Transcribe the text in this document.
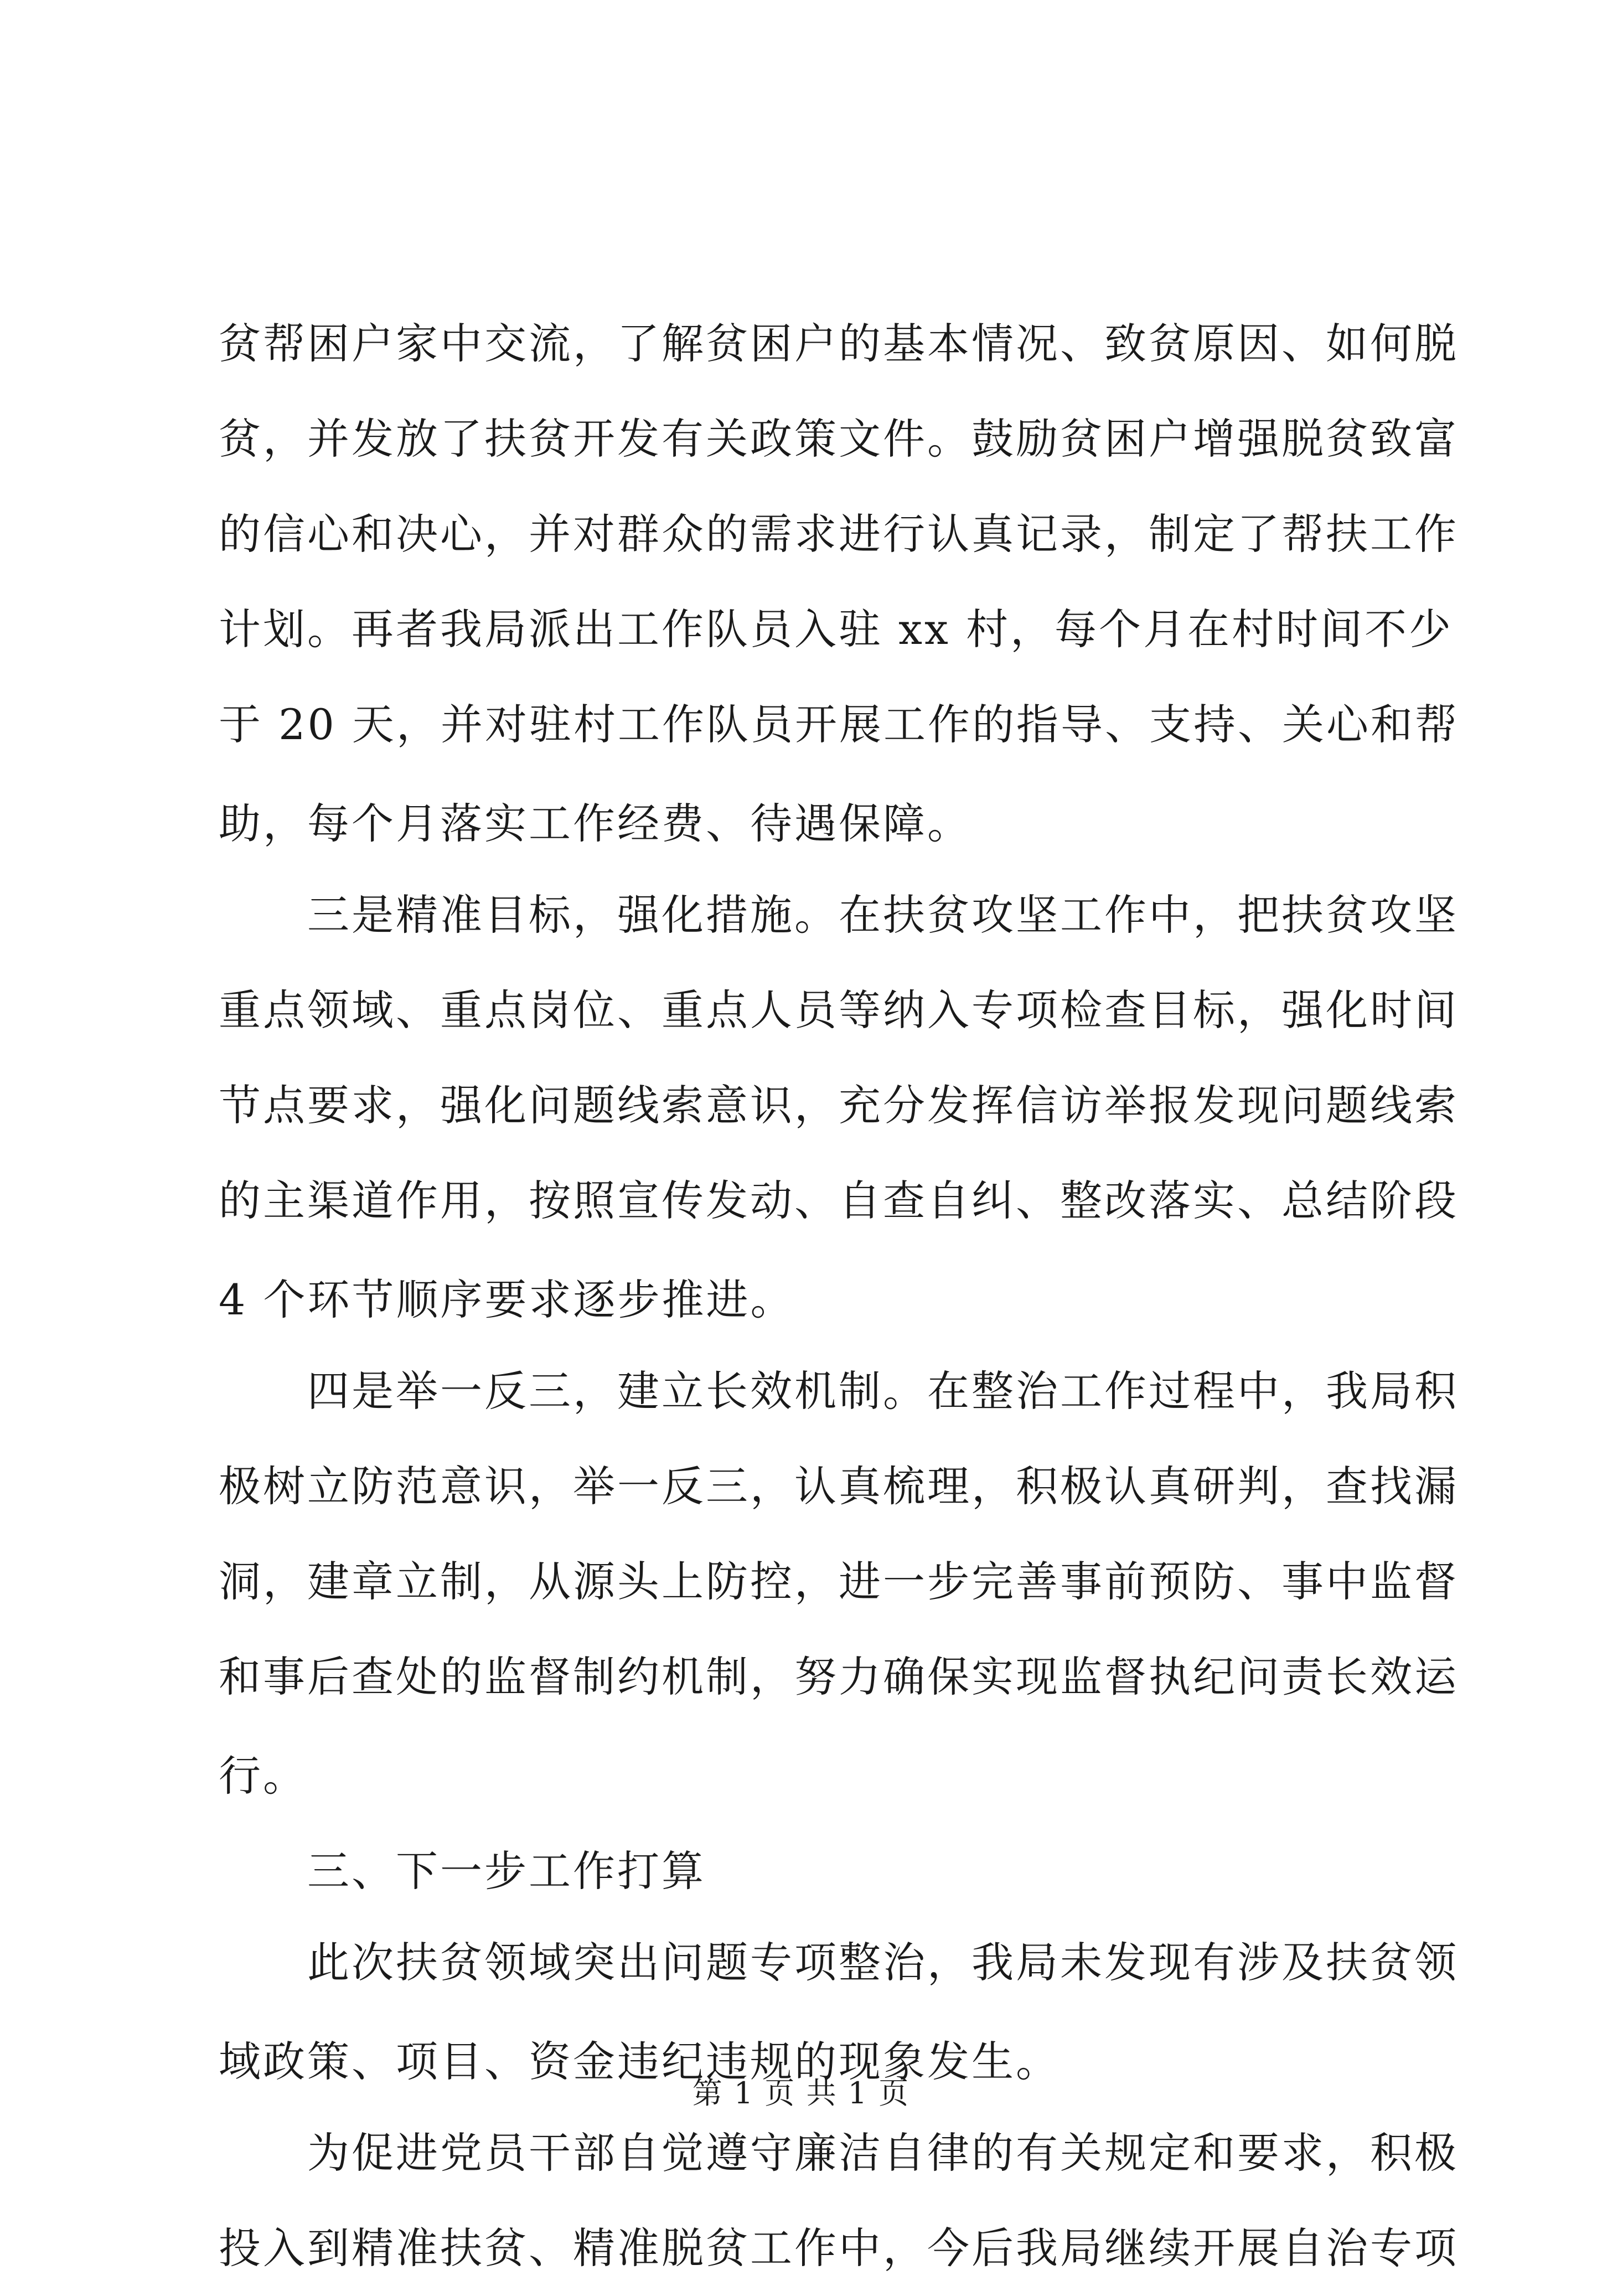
贫帮困户家中交流，了解贫困户的基本情况、致贫原因、如何脱
贫，并发放了扶贫开发有关政策文件。鼓励贫困户增强脱贫致富
的信心和决心，并对群众的需求进行认真记录，制定了帮扶工作
计划。再者我局派出工作队员入驻 xx 村，每个月在村时间不少
于 20 天，并对驻村工作队员开展工作的指导、支持、关心和帮
助，每个月落实工作经费、待遇保障。
三是精准目标，强化措施。在扶贫攻坚工作中，把扶贫攻坚
重点领域、重点岗位、重点人员等纳入专项检查目标，强化时间
节点要求，强化问题线索意识，充分发挥信访举报发现问题线索
的主渠道作用，按照宣传发动、自查自纠、整改落实、总结阶段
4 个环节顺序要求逐步推进。
四是举一反三，建立长效机制。在整治工作过程中，我局积
极树立防范意识，举一反三，认真梳理，积极认真研判，查找漏
洞，建章立制，从源头上防控，进一步完善事前预防、事中监督
和事后查处的监督制约机制，努力确保实现监督执纪问责长效运
行。
三、下一步工作打算
此次扶贫领域突出问题专项整治，我局未发现有涉及扶贫领
域政策、项目、资金违纪违规的现象发生。
为促进党员干部自觉遵守廉洁自律的有关规定和要求，积极
投入到精准扶贫、精准脱贫工作中，今后我局继续开展自治专项
第 1 页 共 1 页
